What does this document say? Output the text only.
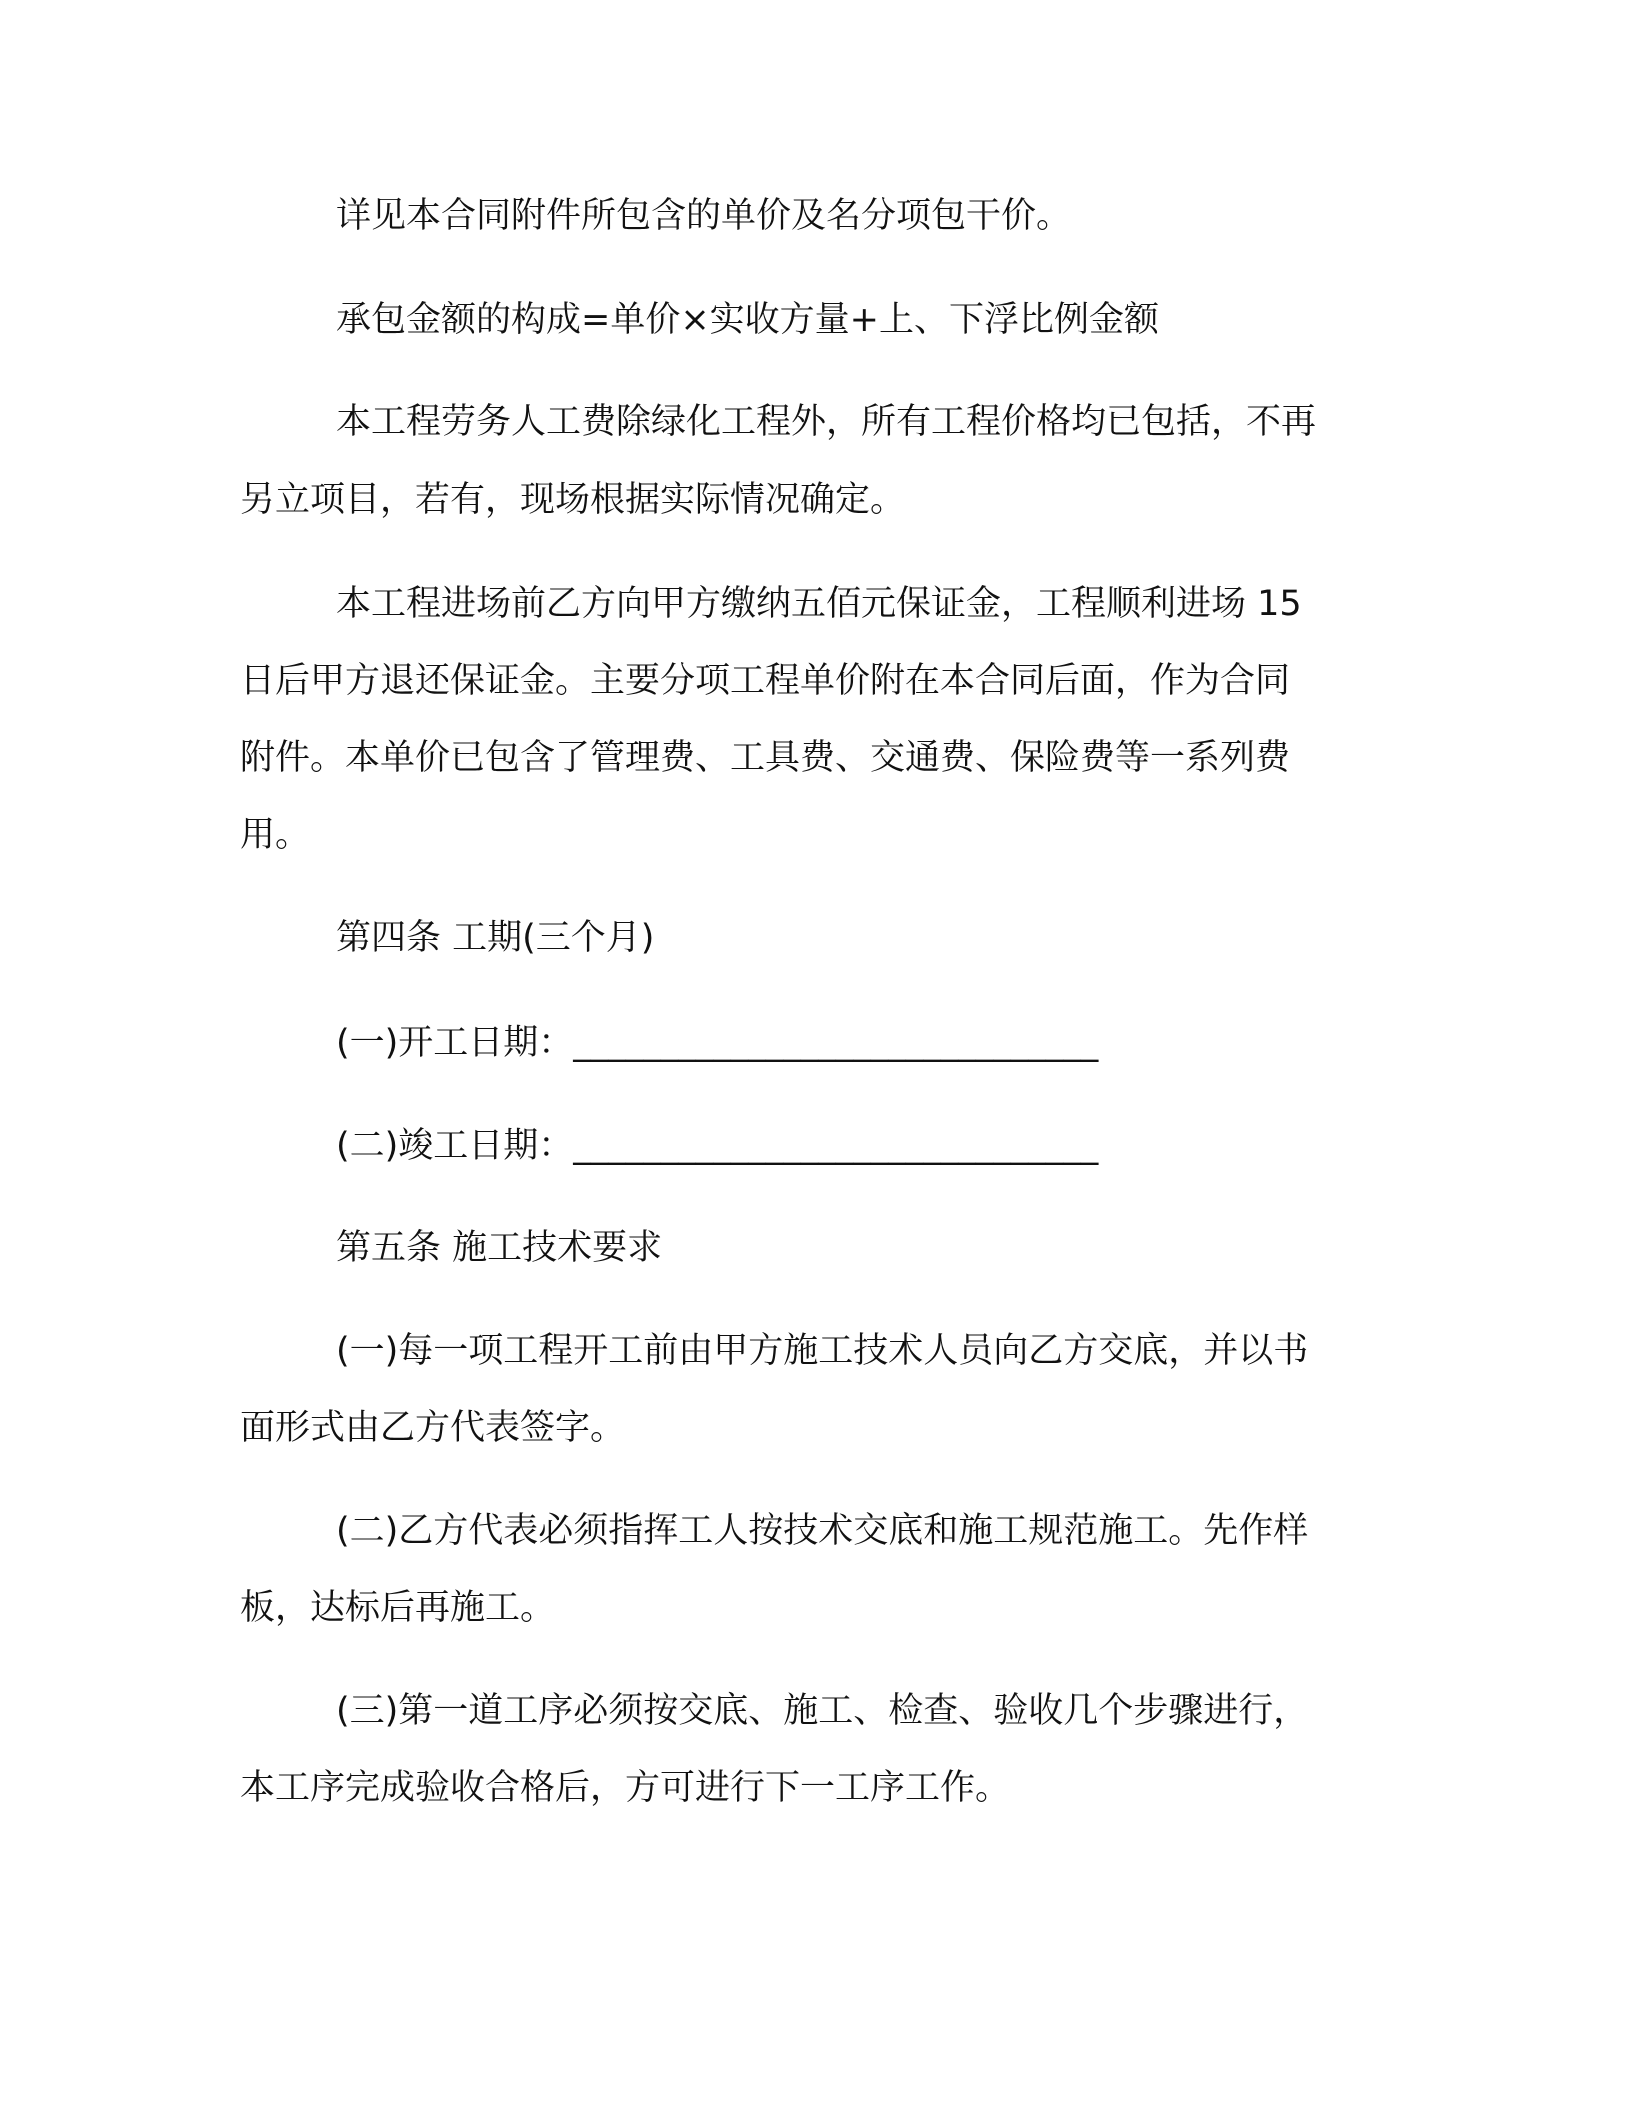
详见本合同附件所包含的单价及名分项包干价。

承包金额的构成=单价×实收方量+上、下浮比例金额

本工程劳务人工费除绿化工程外，所有工程价格均已包括，不再

另立项目，若有，现场根据实际情况确定。

本工程进场前乙方向甲方缴纳五佰元保证金，工程顺利进场 15

日后甲方退还保证金。主要分项工程单价附在本合同后面，作为合同

附件。本单价已包含了管理费、工具费、交通费、保险费等一系列费

用。

第四条 工期(三个月)

(一)开工日期：______________________________

(二)竣工日期：______________________________

第五条 施工技术要求

(一)每一项工程开工前由甲方施工技术人员向乙方交底，并以书

面形式由乙方代表签字。

(二)乙方代表必须指挥工人按技术交底和施工规范施工。先作样

板，达标后再施工。

(三)第一道工序必须按交底、施工、检查、验收几个步骤进行，

本工序完成验收合格后，方可进行下一工序工作。
